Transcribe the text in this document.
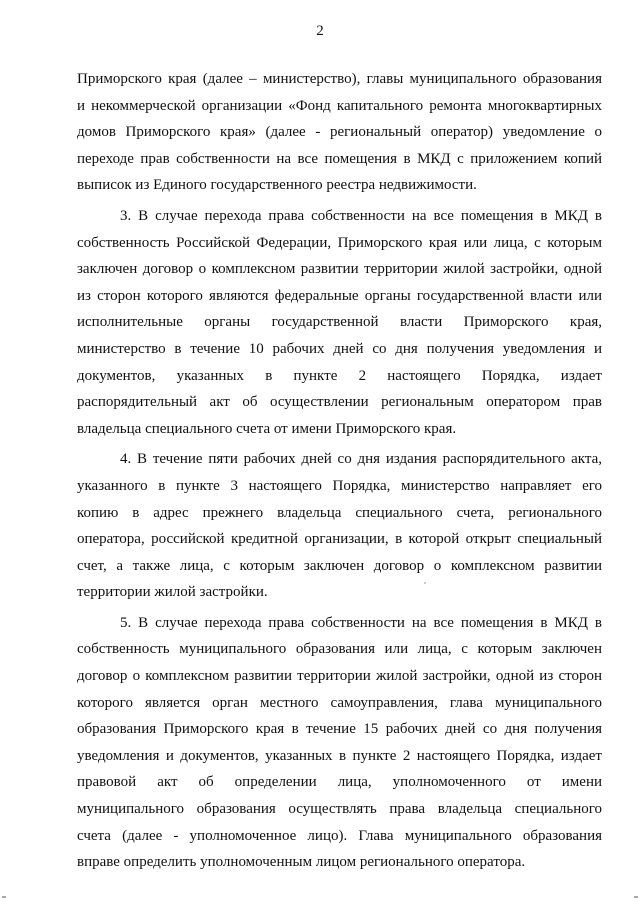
2
Приморского края (далее – министерство), главы муниципального образования
и некоммерческой организации «Фонд капитального ремонта многоквартирных
домов Приморского края» (далее - региональный оператор) уведомление о
переходе прав собственности на все помещения в МКД с приложением копий
выписок из Единого государственного реестра недвижимости.
3. В случае перехода права собственности на все помещения в МКД в
собственность Российской Федерации, Приморского края или лица, с которым
заключен договор о комплексном развитии территории жилой застройки, одной
из сторон которого являются федеральные органы государственной власти или
исполнительные органы государственной власти Приморского края,
министерство в течение 10 рабочих дней со дня получения уведомления и
документов, указанных в пункте 2 настоящего Порядка, издает
распорядительный акт об осуществлении региональным оператором прав
владельца специального счета от имени Приморского края.
4. В течение пяти рабочих дней со дня издания распорядительного акта,
указанного в пункте 3 настоящего Порядка, министерство направляет его
копию в адрес прежнего владельца специального счета, регионального
оператора, российской кредитной организации, в которой открыт специальный
счет, а также лица, с которым заключен договор о комплексном развитии
территории жилой застройки.
5. В случае перехода права собственности на все помещения в МКД в
собственность муниципального образования или лица, с которым заключен
договор о комплексном развитии территории жилой застройки, одной из сторон
которого является орган местного самоуправления, глава муниципального
образования Приморского края в течение 15 рабочих дней со дня получения
уведомления и документов, указанных в пункте 2 настоящего Порядка, издает
правовой акт об определении лица, уполномоченного от имени
муниципального образования осуществлять права владельца специального
счета (далее - уполномоченное лицо). Глава муниципального образования
вправе определить уполномоченным лицом регионального оператора.
